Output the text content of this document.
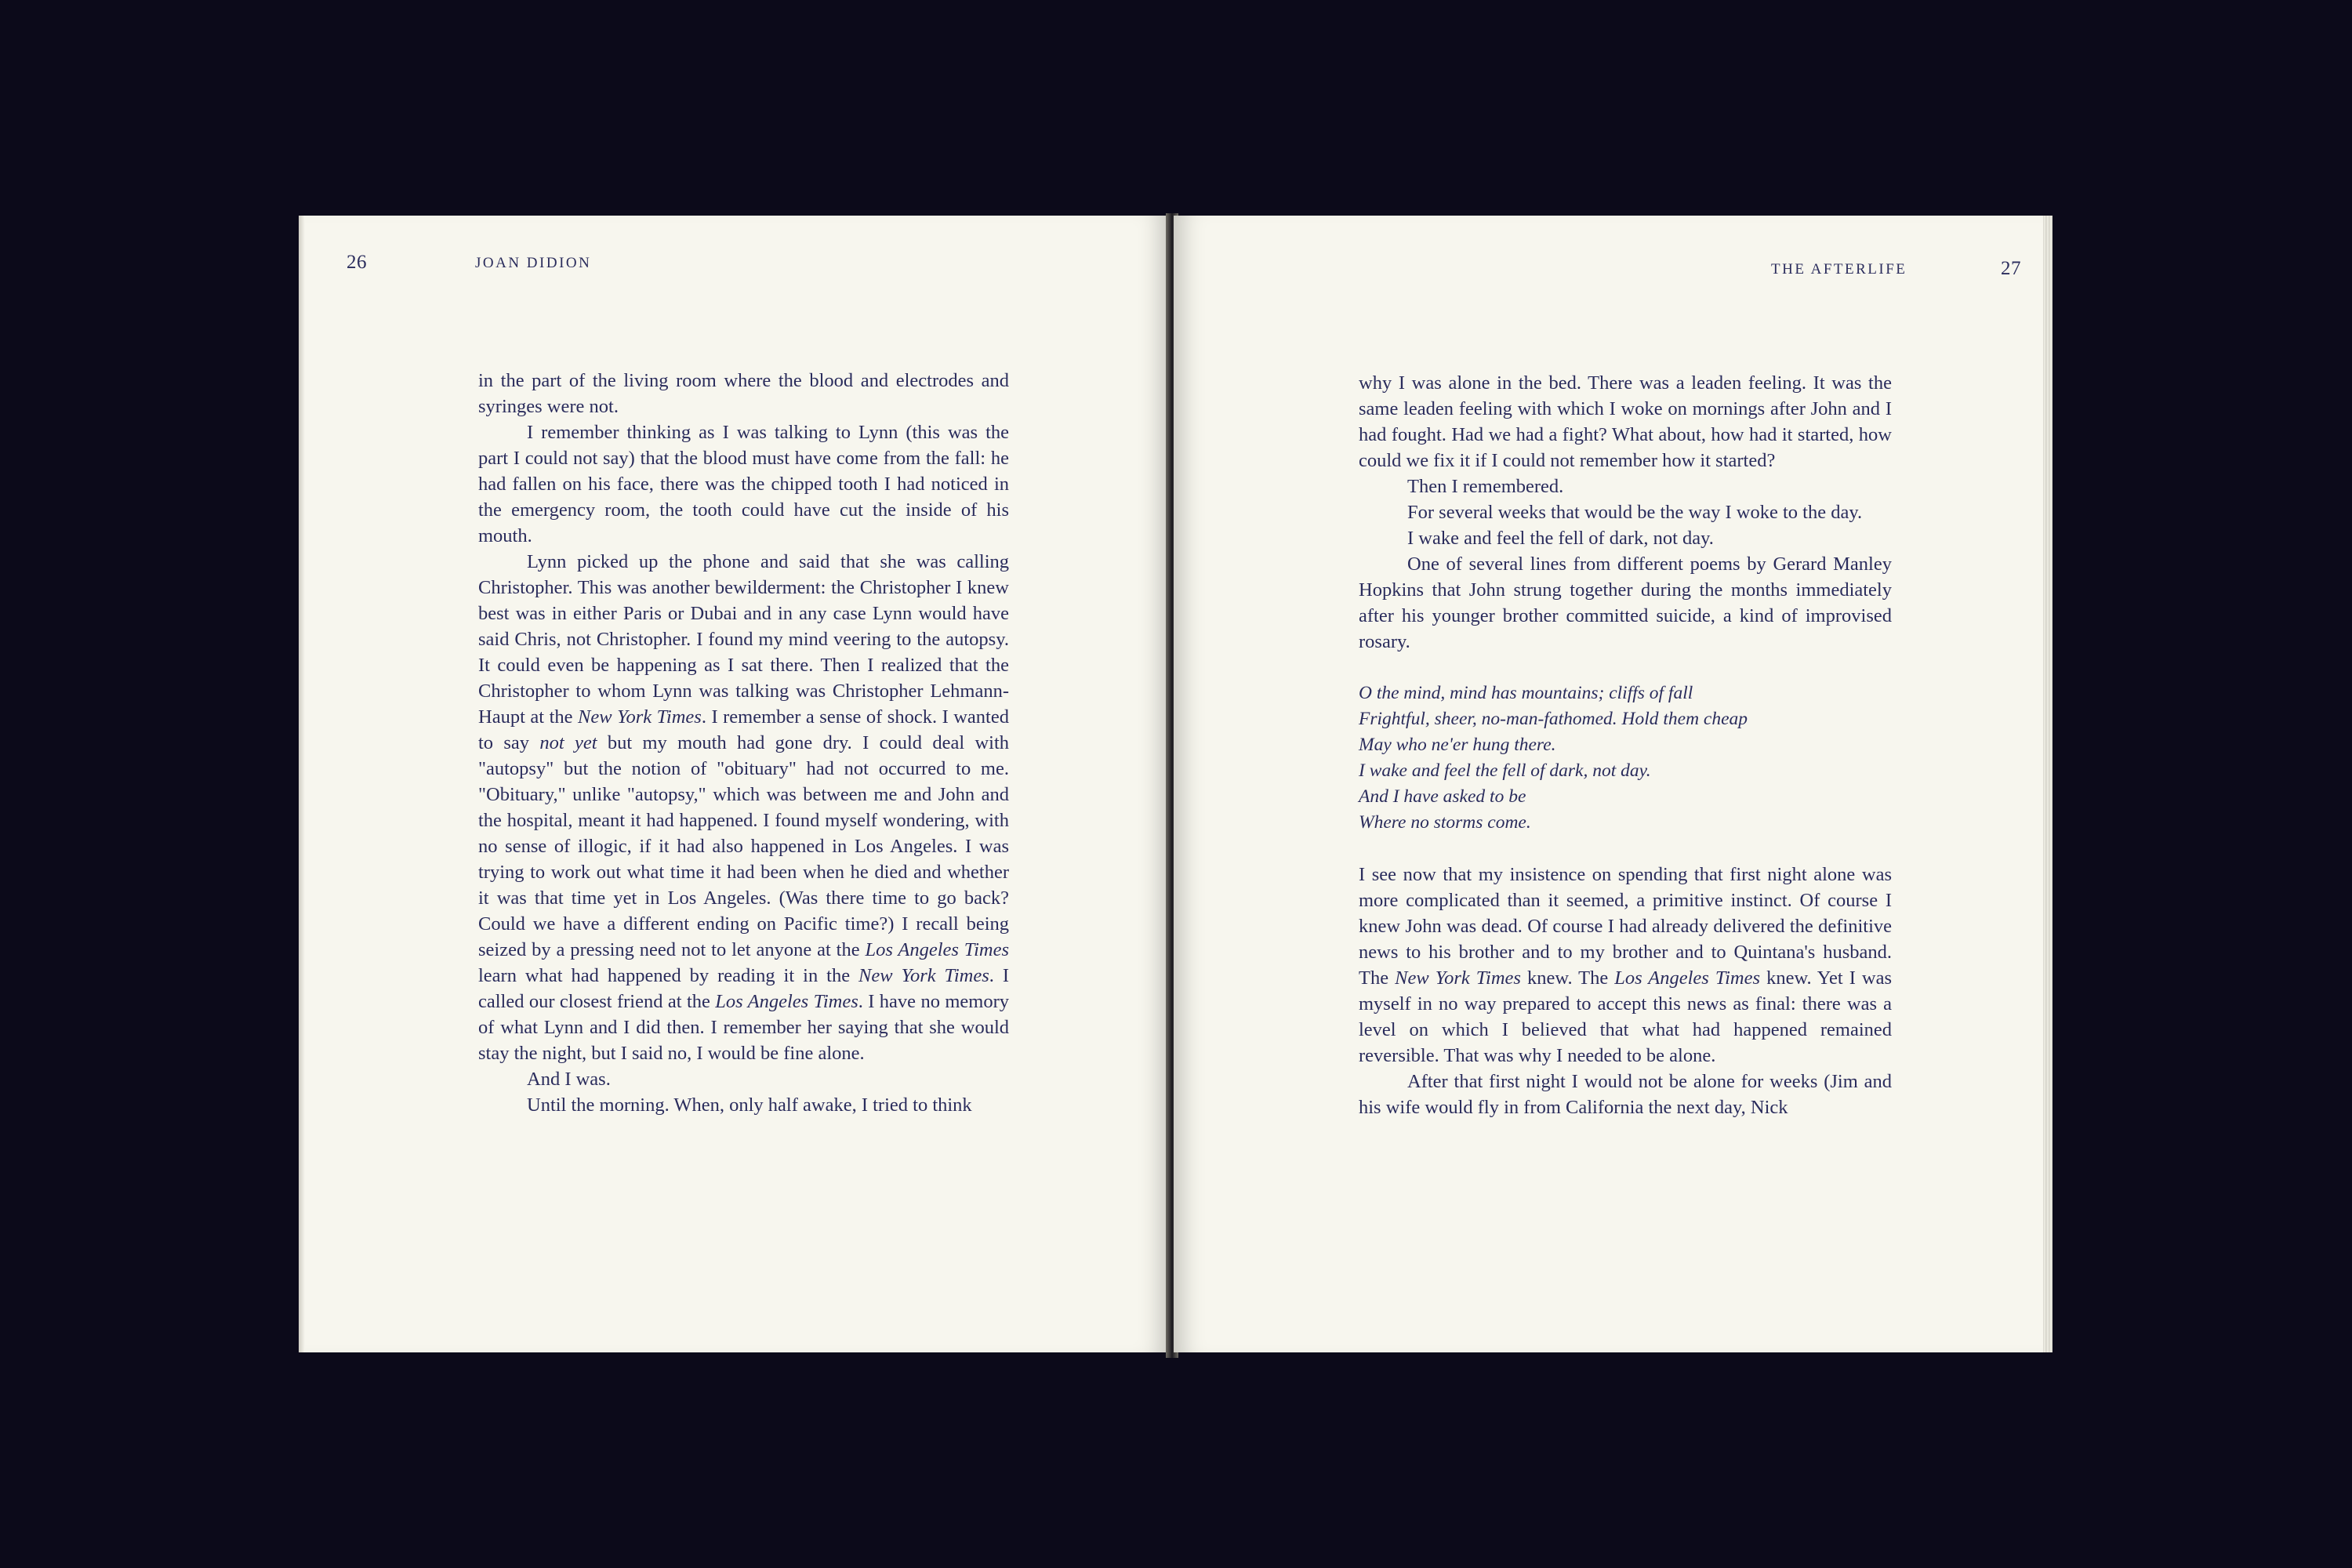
26	JOAN DIDION

in the part of the living room where the blood and electrodes and syringes were not.

I remember thinking as I was talking to Lynn (this was the part I could not say) that the blood must have come from the fall: he had fallen on his face, there was the chipped tooth I had noticed in the emergency room, the tooth could have cut the inside of his mouth.

Lynn picked up the phone and said that she was calling Christopher. This was another bewilderment: the Christopher I knew best was in either Paris or Dubai and in any case Lynn would have said Chris, not Christopher. I found my mind veering to the autopsy. It could even be happening as I sat there. Then I realized that the Christopher to whom Lynn was talking was Christopher Lehmann-Haupt at the New York Times. I remember a sense of shock. I wanted to say not yet but my mouth had gone dry. I could deal with "autopsy" but the notion of "obituary" had not occurred to me. "Obituary," unlike "autopsy," which was between me and John and the hospital, meant it had happened. I found myself wondering, with no sense of illogic, if it had also happened in Los Angeles. I was trying to work out what time it had been when he died and whether it was that time yet in Los Angeles. (Was there time to go back? Could we have a different ending on Pacific time?) I recall being seized by a pressing need not to let anyone at the Los Angeles Times learn what had happened by reading it in the New York Times. I called our closest friend at the Los Angeles Times. I have no memory of what Lynn and I did then. I remember her saying that she would stay the night, but I said no, I would be fine alone.

And I was.

Until the morning. When, only half awake, I tried to think

THE AFTERLIFE	27

why I was alone in the bed. There was a leaden feeling. It was the same leaden feeling with which I woke on mornings after John and I had fought. Had we had a fight? What about, how had it started, how could we fix it if I could not remember how it started?

Then I remembered.

For several weeks that would be the way I woke to the day.

I wake and feel the fell of dark, not day.

One of several lines from different poems by Gerard Manley Hopkins that John strung together during the months immediately after his younger brother committed suicide, a kind of improvised rosary.

O the mind, mind has mountains; cliffs of fall
Frightful, sheer, no-man-fathomed. Hold them cheap
May who ne'er hung there.
I wake and feel the fell of dark, not day.
And I have asked to be
Where no storms come.

I see now that my insistence on spending that first night alone was more complicated than it seemed, a primitive instinct. Of course I knew John was dead. Of course I had already delivered the definitive news to his brother and to my brother and to Quintana's husband. The New York Times knew. The Los Angeles Times knew. Yet I was myself in no way prepared to accept this news as final: there was a level on which I believed that what had happened remained reversible. That was why I needed to be alone.

After that first night I would not be alone for weeks (Jim and his wife would fly in from California the next day, Nick
